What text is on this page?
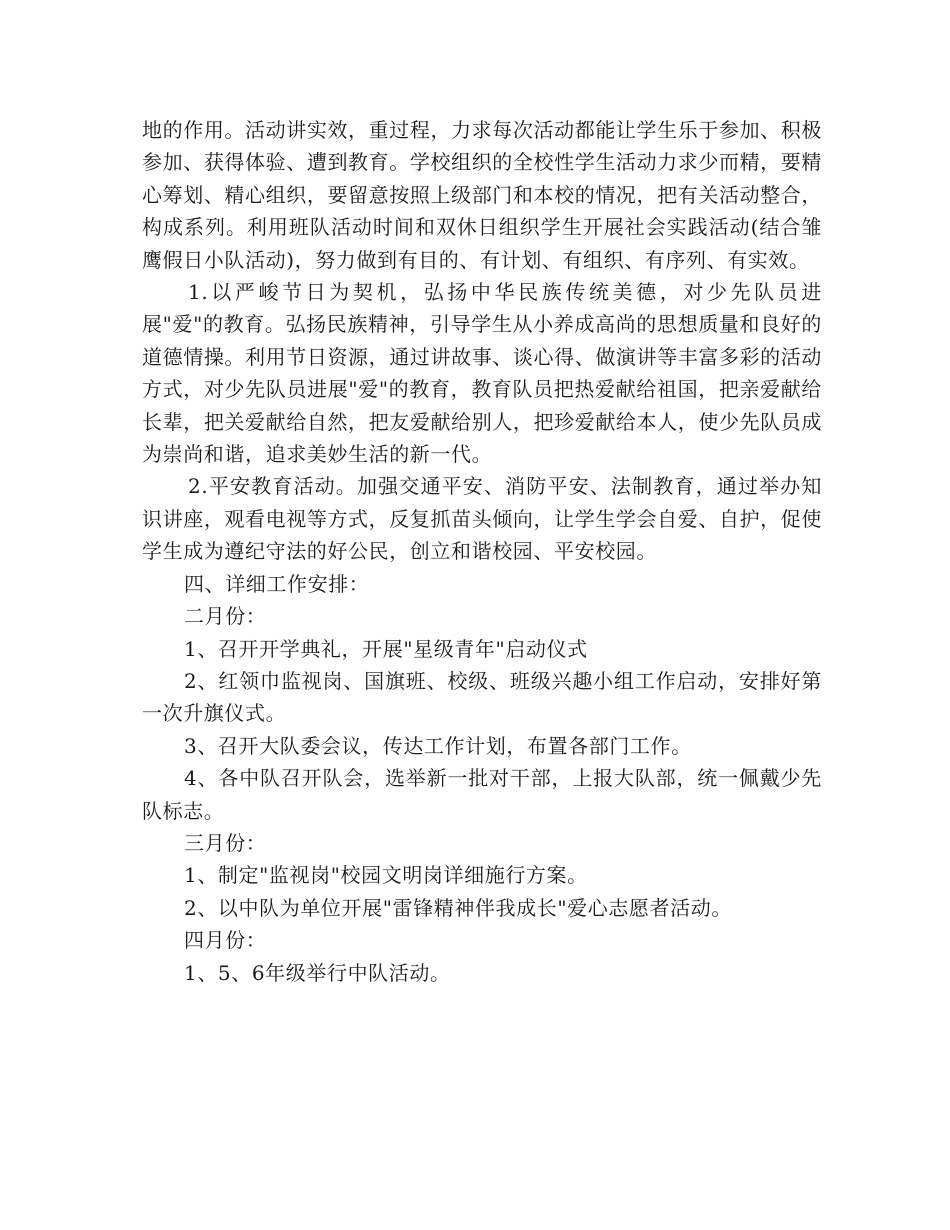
地的作用。活动讲实效，重过程，力求每次活动都能让学生乐于参加、积极参加、获得体验、遭到教育。学校组织的全校性学生活动力求少而精，要精心筹划、精心组织，要留意按照上级部门和本校的情况，把有关活动整合，构成系列。利用班队活动时间和双休日组织学生开展社会实践活动(结合雏鹰假日小队活动)，努力做到有目的、有计划、有组织、有序列、有实效。

1.以严峻节日为契机，弘扬中华民族传统美德，对少先队员进展"爱"的教育。弘扬民族精神，引导学生从小养成高尚的思想质量和良好的道德情操。利用节日资源，通过讲故事、谈心得、做演讲等丰富多彩的活动方式，对少先队员进展"爱"的教育，教育队员把热爱献给祖国，把亲爱献给长辈，把关爱献给自然，把友爱献给别人，把珍爱献给本人，使少先队员成为崇尚和谐，追求美妙生活的新一代。

2.平安教育活动。加强交通平安、消防平安、法制教育，通过举办知识讲座，观看电视等方式，反复抓苗头倾向，让学生学会自爱、自护，促使学生成为遵纪守法的好公民，创立和谐校园、平安校园。

四、详细工作安排：

二月份：

1、召开开学典礼，开展"星级青年"启动仪式

2、红领巾监视岗、国旗班、校级、班级兴趣小组工作启动，安排好第一次升旗仪式。

3、召开大队委会议，传达工作计划，布置各部门工作。

4、各中队召开队会，选举新一批对干部，上报大队部，统一佩戴少先队标志。

三月份：

1、制定"监视岗"校园文明岗详细施行方案。

2、以中队为单位开展"雷锋精神伴我成长"爱心志愿者活动。

四月份：

1、5、6年级举行中队活动。
